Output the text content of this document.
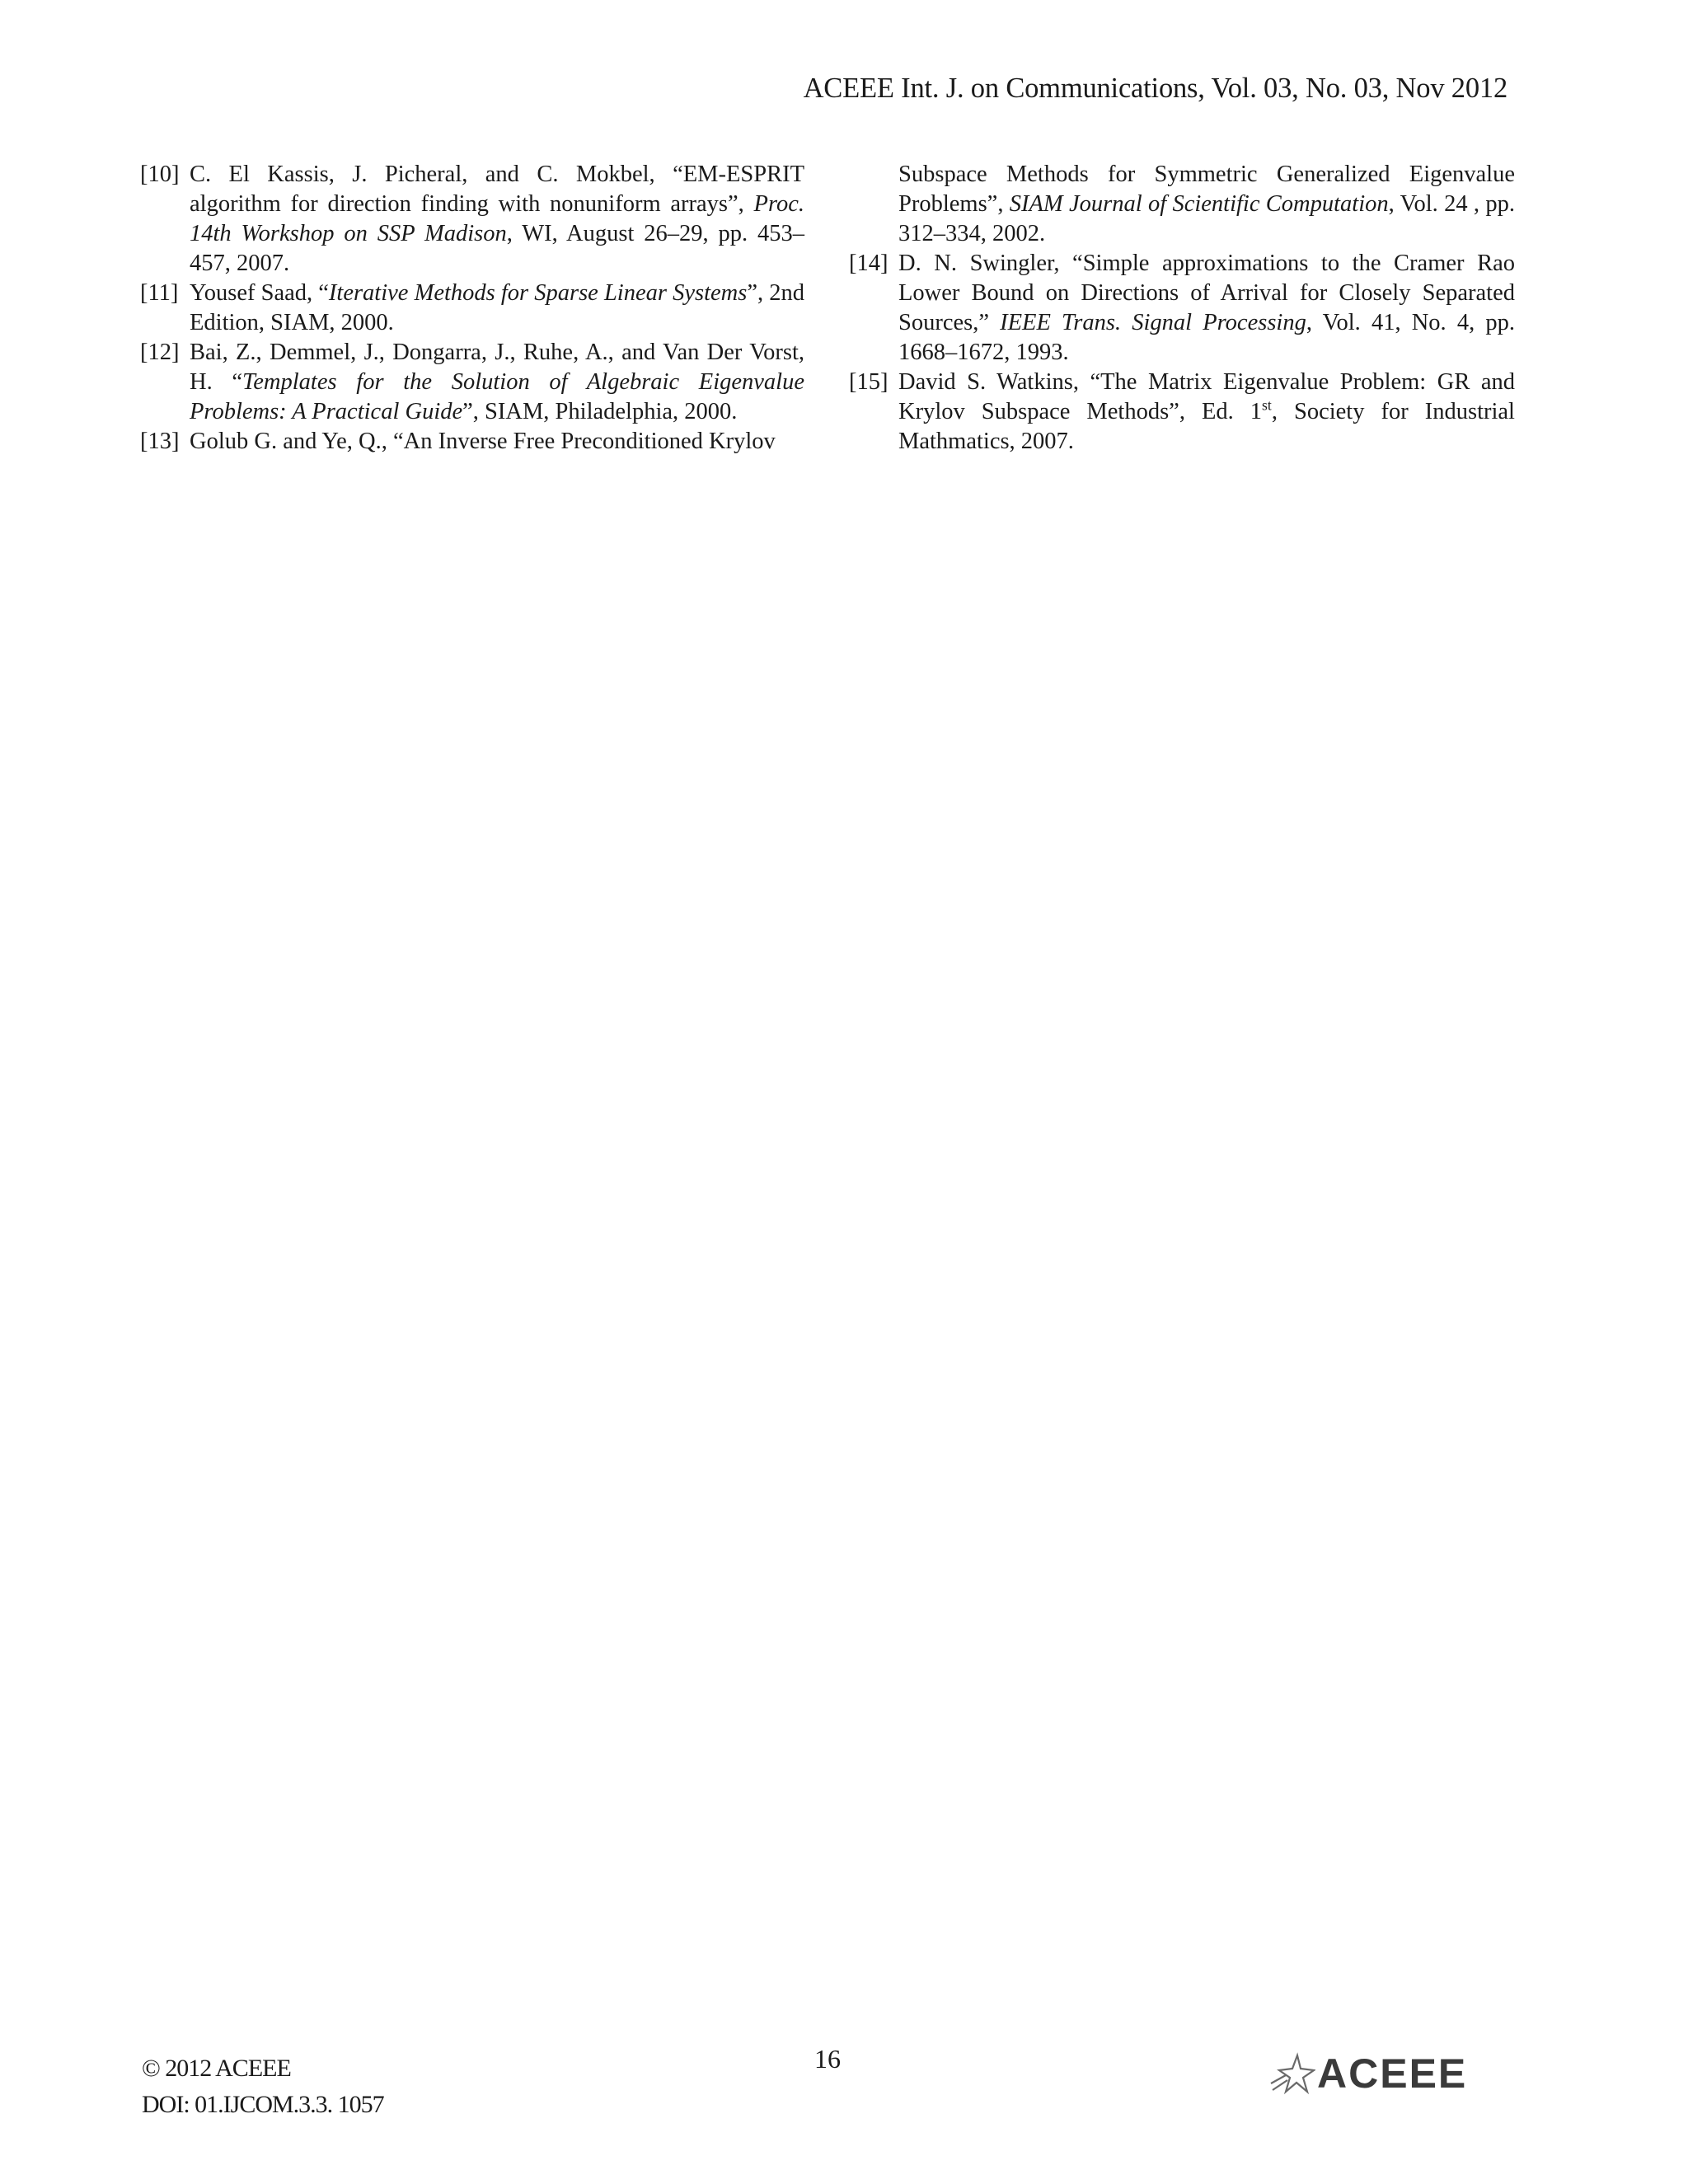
ACEEE Int. J. on Communications, Vol. 03, No. 03, Nov 2012
[10] C. El Kassis, J. Picheral, and C. Mokbel, “EM-ESPRIT algorithm for direction finding with nonuniform arrays”, Proc. 14th Workshop on SSP Madison, WI, August 26–29, pp. 453–457, 2007.
[11] Yousef Saad, “Iterative Methods for Sparse Linear Systems”, 2nd Edition, SIAM, 2000.
[12] Bai, Z., Demmel, J., Dongarra, J., Ruhe, A., and Van Der Vorst, H. “Templates for the Solution of Algebraic Eigenvalue Problems: A Practical Guide”, SIAM, Philadelphia, 2000.
[13] Golub G. and Ye, Q., “An Inverse Free Preconditioned Krylov
Subspace Methods for Symmetric Generalized Eigenvalue Problems”, SIAM Journal of Scientific Computation, Vol. 24 , pp. 312–334, 2002.
[14] D. N. Swingler, “Simple approximations to the Cramer Rao Lower Bound on Directions of Arrival for Closely Separated Sources,” IEEE Trans. Signal Processing, Vol. 41, No. 4, pp. 1668–1672, 1993.
[15] David S. Watkins, “The Matrix Eigenvalue Problem: GR and Krylov Subspace Methods”, Ed. 1st, Society for Industrial Mathmatics, 2007.
© 2012 ACEEE
DOI: 01.IJCOM.3.3. 1057
16	ACEEE
